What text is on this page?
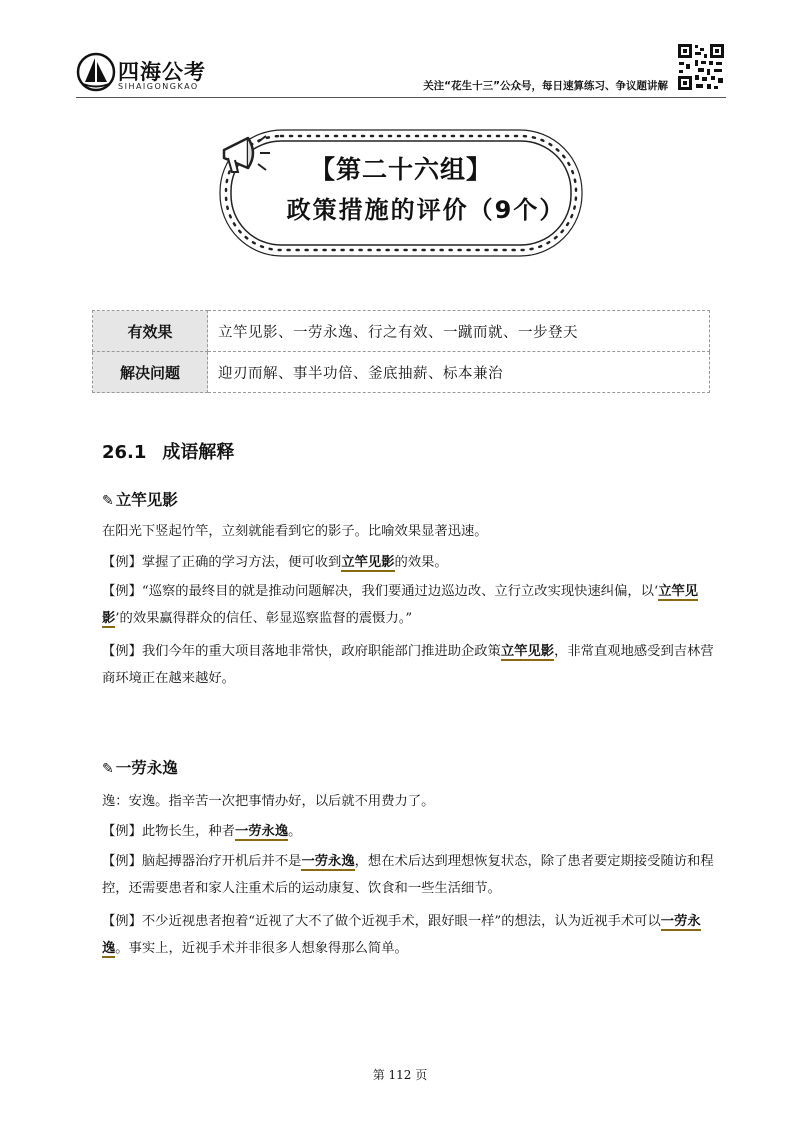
四海公考
SIHAIGONGKAO	关注“花生十三”公众号，每日速算练习、争议题讲解
【第二十六组】
政策措施的评价（9个）
有效果	立竿见影、一劳永逸、行之有效、一蹴而就、一步登天
解决问题	迎刃而解、事半功倍、釜底抽薪、标本兼治
26.1 成语解释
✎ 立竿见影
在阳光下竖起竹竿，立刻就能看到它的影子。比喻效果显著迅速。
【例】掌握了正确的学习方法，便可收到立竿见影的效果。
【例】“巡察的最终目的就是推动问题解决，我们要通过边巡边改、立行立改实现快速纠偏，以‘立竿见影’的效果赢得群众的信任、彰显巡察监督的震慑力。”
【例】我们今年的重大项目落地非常快，政府职能部门推进助企政策立竿见影，非常直观地感受到吉林营商环境正在越来越好。
✎ 一劳永逸
逸：安逸。指辛苦一次把事情办好，以后就不用费力了。
【例】此物长生，种者一劳永逸。
【例】脑起搏器治疗开机后并不是一劳永逸，想在术后达到理想恢复状态，除了患者要定期接受随访和程控，还需要患者和家人注重术后的运动康复、饮食和一些生活细节。
【例】不少近视患者抱着“近视了大不了做个近视手术，跟好眼一样”的想法，认为近视手术可以一劳永逸。事实上，近视手术并非很多人想象得那么简单。
第 112 页
